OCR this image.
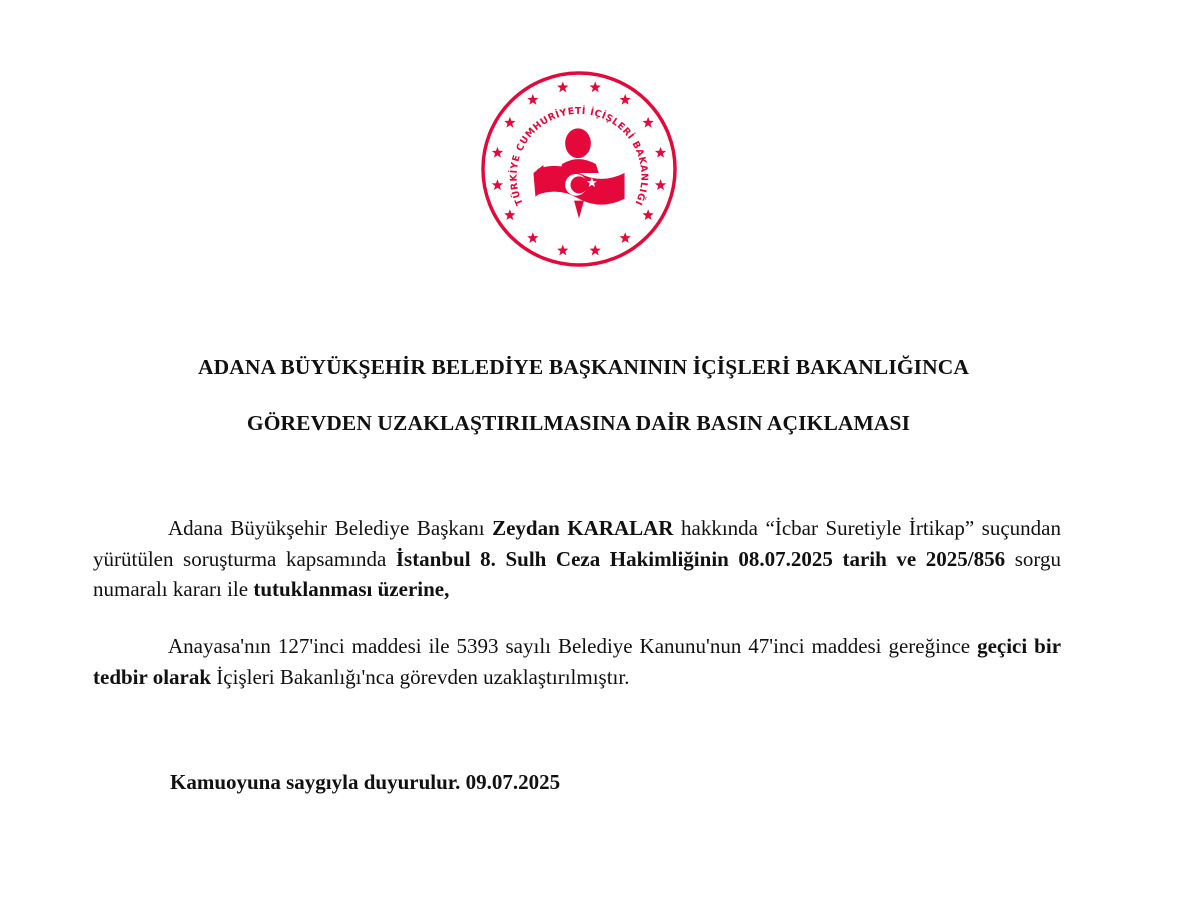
TÜRKİYE CUMHURİYETİ İÇİŞLERİ BAKANLIĞI
ADANA BÜYÜKŞEHİR BELEDİYE BAŞKANININ İÇİŞLERİ BAKANLIĞINCA
GÖREVDEN UZAKLAŞTIRILMASINA DAİR BASIN AÇIKLAMASI

Adana Büyükşehir Belediye Başkanı Zeydan KARALAR hakkında “İcbar Suretiyle İrtikap” suçundan yürütülen soruşturma kapsamında İstanbul 8. Sulh Ceza Hakimliğinin 08.07.2025 tarih ve 2025/856 sorgu numaralı kararı ile tutuklanması üzerine,

Anayasa'nın 127'inci maddesi ile 5393 sayılı Belediye Kanunu'nun 47'inci maddesi gereğince geçici bir tedbir olarak İçişleri Bakanlığı'nca görevden uzaklaştırılmıştır.

Kamuoyuna saygıyla duyurulur. 09.07.2025
